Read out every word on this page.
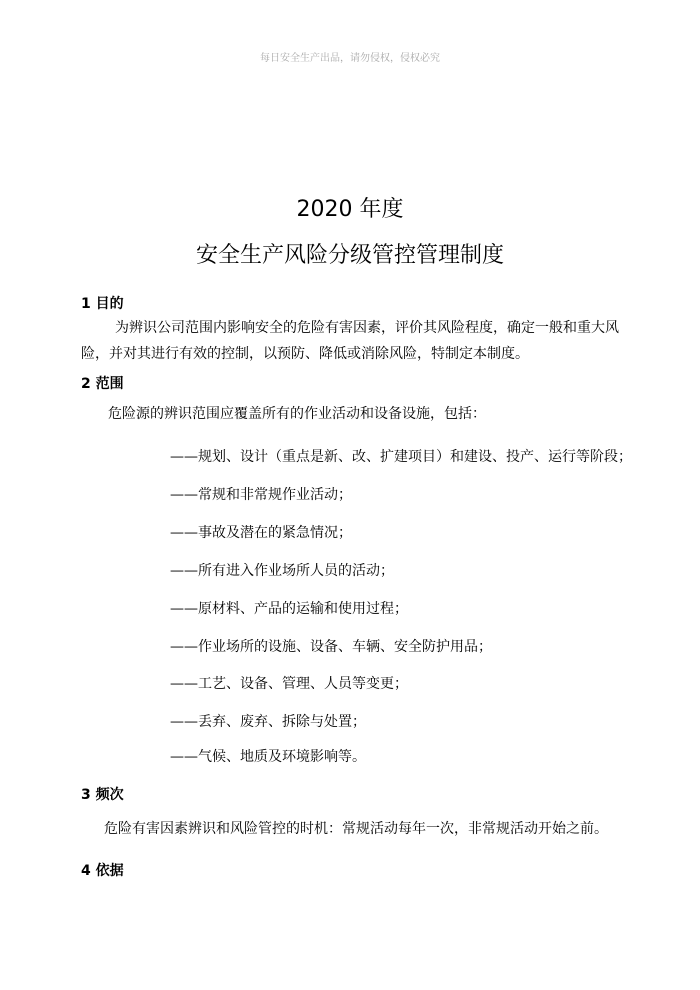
每日安全生产出品，请勿侵权，侵权必究
2020 年度
安全生产风险分级管控管理制度
1 目的
为辨识公司范围内影响安全的危险有害因素，评价其风险程度，确定一般和重大风
险，并对其进行有效的控制，以预防、降低或消除风险，特制定本制度。
2 范围
危险源的辨识范围应覆盖所有的作业活动和设备设施，包括：
——规划、设计（重点是新、改、扩建项目）和建设、投产、运行等阶段；
——常规和非常规作业活动；
——事故及潜在的紧急情况；
——所有进入作业场所人员的活动；
——原材料、产品的运输和使用过程；
——作业场所的设施、设备、车辆、安全防护用品；
——工艺、设备、管理、人员等变更；
——丢弃、废弃、拆除与处置；
——气候、地质及环境影响等。
3 频次
危险有害因素辨识和风险管控的时机：常规活动每年一次，非常规活动开始之前。
4 依据
